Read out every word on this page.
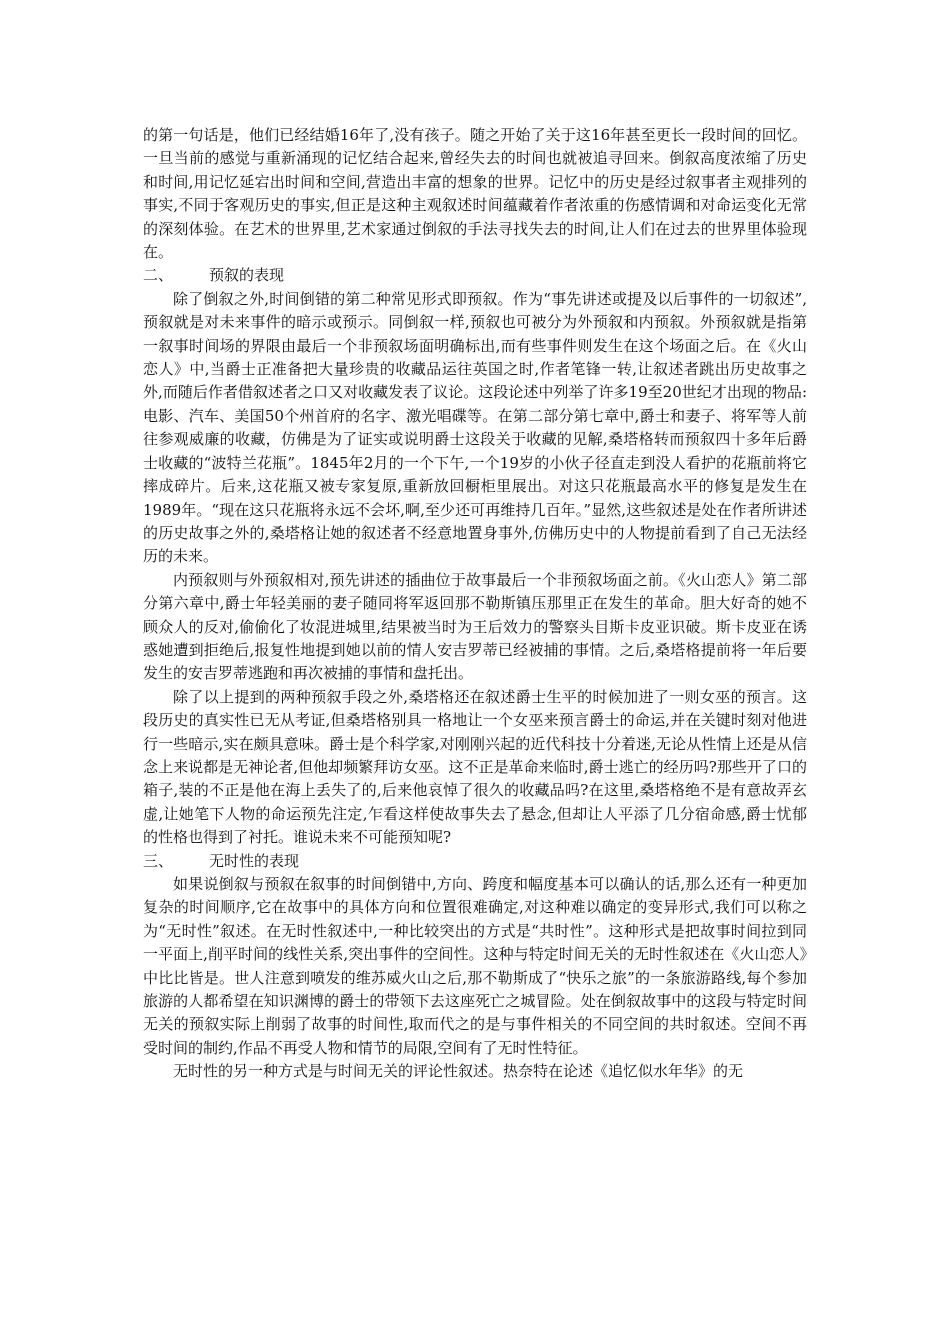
的第一句话是，他们已经结婚16年了,没有孩子。随之开始了关于这16年甚至更长一段时间的回忆。一旦当前的感觉与重新涌现的记忆结合起来,曾经失去的时间也就被追寻回来。倒叙高度浓缩了历史和时间,用记忆延宕出时间和空间,营造出丰富的想象的世界。记忆中的历史是经过叙事者主观排列的事实,不同于客观历史的事实,但正是这种主观叙述时间蕴藏着作者浓重的伤感情调和对命运变化无常的深刻体验。在艺术的世界里,艺术家通过倒叙的手法寻找失去的时间,让人们在过去的世界里体验现在。

二、	预叙的表现

除了倒叙之外,时间倒错的第二种常见形式即预叙。作为“事先讲述或提及以后事件的一切叙述”,预叙就是对未来事件的暗示或预示。同倒叙一样,预叙也可被分为外预叙和内预叙。外预叙就是指第一叙事时间场的界限由最后一个非预叙场面明确标出,而有些事件则发生在这个场面之后。在《火山恋人》中,当爵士正准备把大量珍贵的收藏品运往英国之时,作者笔锋一转,让叙述者跳出历史故事之外,而随后作者借叙述者之口又对收藏发表了议论。这段论述中列举了许多19至20世纪才出现的物品:电影、汽车、美国50个州首府的名字、激光唱碟等。在第二部分第七章中,爵士和妻子、将军等人前往参观威廉的收藏，仿佛是为了证实或说明爵士这段关于收藏的见解,桑塔格转而预叙四十多年后爵士收藏的“波特兰花瓶”。1845年2月的一个下午,一个19岁的小伙子径直走到没人看护的花瓶前将它摔成碎片。后来,这花瓶又被专家复原,重新放回橱柜里展出。对这只花瓶最高水平的修复是发生在1989年。“现在这只花瓶将永远不会坏,啊,至少还可再维持几百年。”显然,这些叙述是处在作者所讲述的历史故事之外的,桑塔格让她的叙述者不经意地置身事外,仿佛历史中的人物提前看到了自己无法经历的未来。

内预叙则与外预叙相对,预先讲述的插曲位于故事最后一个非预叙场面之前。《火山恋人》第二部分第六章中,爵士年轻美丽的妻子随同将军返回那不勒斯镇压那里正在发生的革命。胆大好奇的她不顾众人的反对,偷偷化了妆混进城里,结果被当时为王后效力的警察头目斯卡皮亚识破。斯卡皮亚在诱惑她遭到拒绝后,报复性地提到她以前的情人安吉罗蒂已经被捕的事情。之后,桑塔格提前将一年后要发生的安吉罗蒂逃跑和再次被捕的事情和盘托出。

除了以上提到的两种预叙手段之外,桑塔格还在叙述爵士生平的时候加进了一则女巫的预言。这段历史的真实性已无从考证,但桑塔格别具一格地让一个女巫来预言爵士的命运,并在关键时刻对他进行一些暗示,实在颇具意味。爵士是个科学家,对刚刚兴起的近代科技十分着迷,无论从性情上还是从信念上来说都是无神论者,但他却频繁拜访女巫。这不正是革命来临时,爵士逃亡的经历吗?那些开了口的箱子,装的不正是他在海上丢失了的,后来他哀悼了很久的收藏品吗?在这里,桑塔格绝不是有意故弄玄虚,让她笔下人物的命运预先注定,乍看这样使故事失去了悬念,但却让人平添了几分宿命感,爵士忧郁的性格也得到了衬托。谁说未来不可能预知呢?

三、	无时性的表现

如果说倒叙与预叙在叙事的时间倒错中,方向、跨度和幅度基本可以确认的话,那么还有一种更加复杂的时间顺序,它在故事中的具体方向和位置很难确定,对这种难以确定的变异形式,我们可以称之为“无时性”叙述。在无时性叙述中,一种比较突出的方式是“共时性”。这种形式是把故事时间拉到同一平面上,削平时间的线性关系,突出事件的空间性。这种与特定时间无关的无时性叙述在《火山恋人》中比比皆是。世人注意到喷发的维苏威火山之后,那不勒斯成了“快乐之旅”的一条旅游路线,每个参加旅游的人都希望在知识渊博的爵士的带领下去这座死亡之城冒险。处在倒叙故事中的这段与特定时间无关的预叙实际上削弱了故事的时间性,取而代之的是与事件相关的不同空间的共时叙述。空间不再受时间的制约,作品不再受人物和情节的局限,空间有了无时性特征。

无时性的另一种方式是与时间无关的评论性叙述。热奈特在论述《追忆似水年华》的无
